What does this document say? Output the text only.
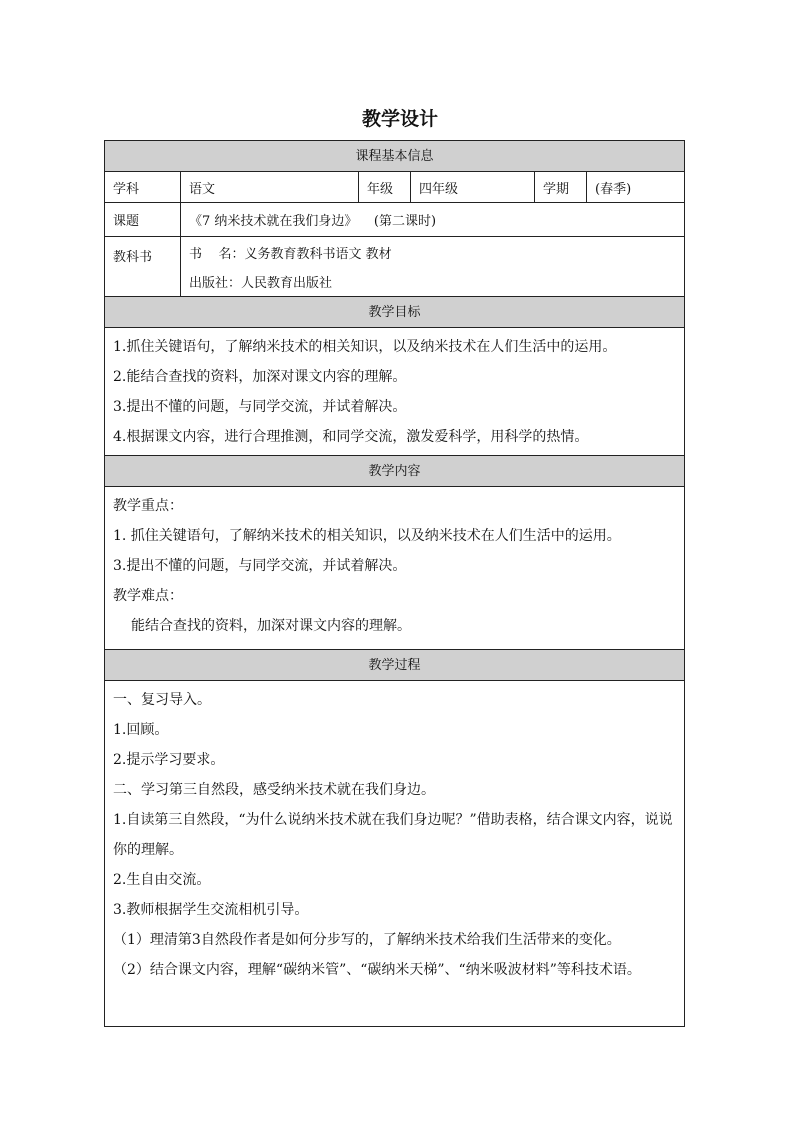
教学设计
课程基本信息
学科	语文	年级	四年级	学期	(春季)
课题	《7 纳米技术就在我们身边》    (第二课时)
教科书	书    名：义务教育教科书语文 教材
出版社：人民教育出版社
教学目标
1.抓住关键语句，了解纳米技术的相关知识，以及纳米技术在人们生活中的运用。
2.能结合查找的资料，加深对课文内容的理解。
3.提出不懂的问题，与同学交流，并试着解决。
4.根据课文内容，进行合理推测，和同学交流，激发爱科学，用科学的热情。
教学内容
教学重点：
1. 抓住关键语句，了解纳米技术的相关知识，以及纳米技术在人们生活中的运用。
3.提出不懂的问题，与同学交流，并试着解决。
教学难点：
能结合查找的资料，加深对课文内容的理解。
教学过程
一、复习导入。
1.回顾。
2.提示学习要求。
二、学习第三自然段，感受纳米技术就在我们身边。
1.自读第三自然段，“为什么说纳米技术就在我们身边呢？”借助表格，结合课文内容，说说你的理解。
2.生自由交流。
3.教师根据学生交流相机引导。
（1）理清第3自然段作者是如何分步写的，了解纳米技术给我们生活带来的变化。
（2）结合课文内容，理解“碳纳米管”、“碳纳米天梯”、“纳米吸波材料”等科技术语。
